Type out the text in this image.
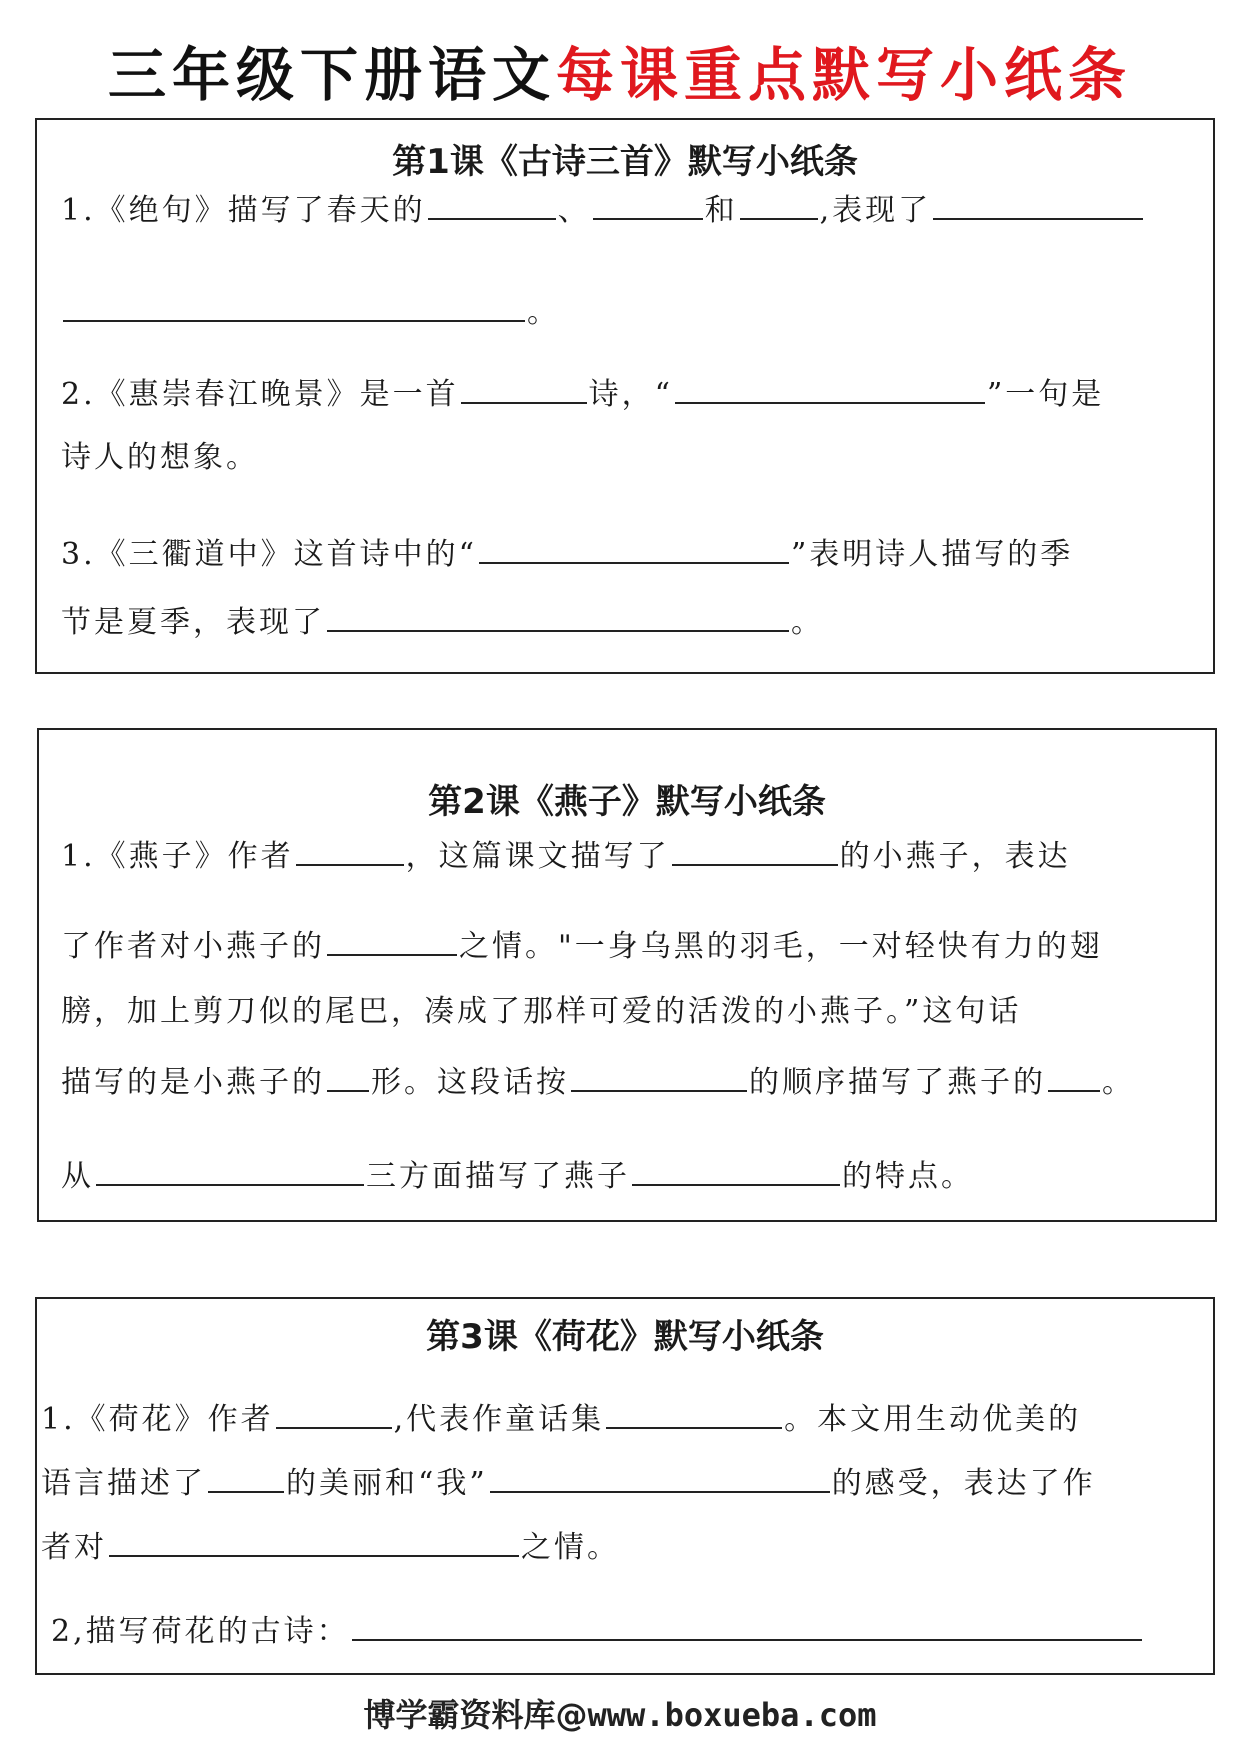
三年级下册语文每课重点默写小纸条
第1课《古诗三首》默写小纸条
1.《绝句》描写了春天的	、	和	,表现了
。
2.《惠崇春江晚景》是一首	诗，“	”一句是
诗人的想象。
3.《三衢道中》这首诗中的“	”表明诗人描写的季
节是夏季，表现了	。
第2课《燕子》默写小纸条
1.《燕子》作者	，这篇课文描写了	的小燕子，表达
了作者对小燕子的	之情。"一身乌黑的羽毛，一对轻快有力的翅
膀，加上剪刀似的尾巴，凑成了那样可爱的活泼的小燕子。”这句话
描写的是小燕子的 形。这段话按	的顺序描写了燕子的 。
从	三方面描写了燕子	的特点。
第3课《荷花》默写小纸条
1.《荷花》作者	,代表作童话集	。本文用生动优美的
语言描述了	的美丽和“我”	的感受，表达了作
者对	之情。
2,描写荷花的古诗：
博学霸资料库@www.boxueba.com
